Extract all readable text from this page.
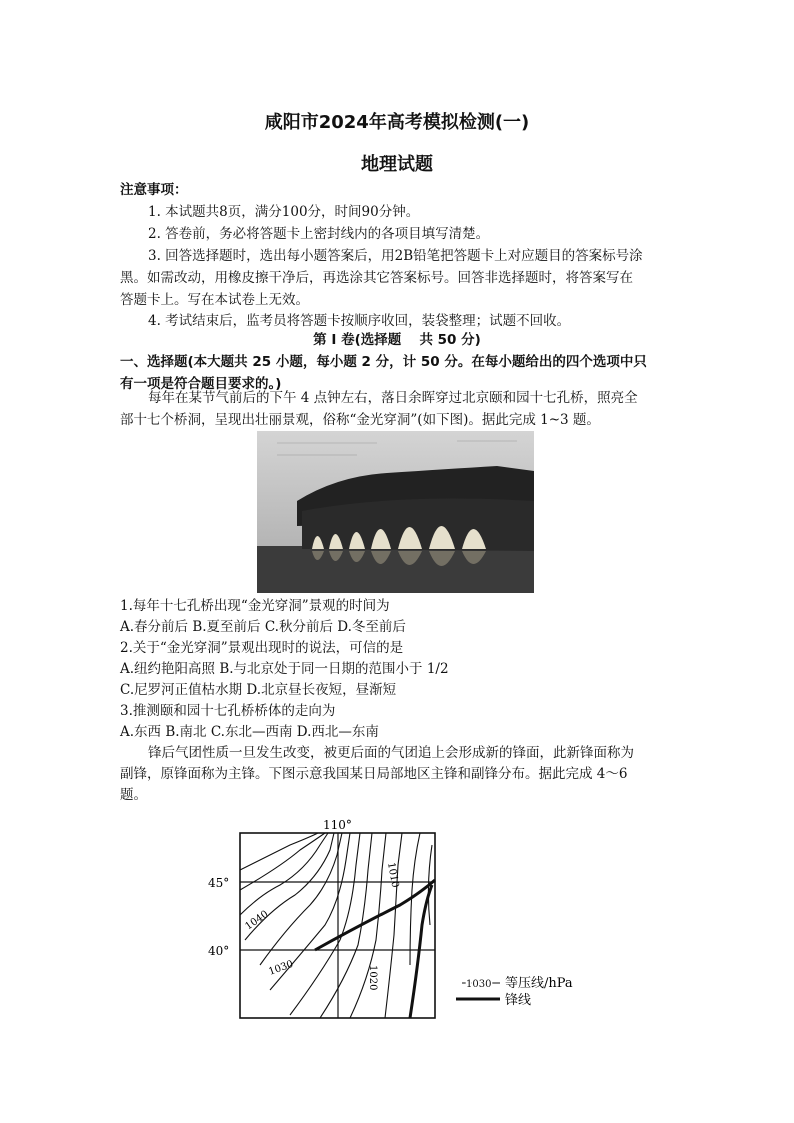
咸阳市2024年高考模拟检测(一)
地理试题
注意事项：
1. 本试题共8页，满分100分，时间90分钟。
2. 答卷前，务必将答题卡上密封线内的各项目填写清楚。
3. 回答选择题时，选出每小题答案后，用2B铅笔把答题卡上对应题目的答案标号涂
黑。如需改动，用橡皮擦干净后，再选涂其它答案标号。回答非选择题时，将答案写在
答题卡上。写在本试卷上无效。
4. 考试结束后，监考员将答题卡按顺序收回，装袋整理；试题不回收。
第 I 卷(选择题　 共 50 分)
一、选择题(本大题共 25 小题，每小题 2 分，计 50 分。在每小题给出的四个选项中只
有一项是符合题目要求的。)
每年在某节气前后的下午 4 点钟左右，落日余晖穿过北京颐和园十七孔桥，照亮全
部十七个桥洞，呈现出壮丽景观，俗称“金光穿洞”(如下图)。据此完成 1~3 题。
1.每年十七孔桥出现“金光穿洞”景观的时间为
A.春分前后 B.夏至前后 C.秋分前后 D.冬至前后
2.关于“金光穿洞”景观出现时的说法，可信的是
A.纽约艳阳高照 B.与北京处于同一日期的范围小于 1/2
C.尼罗河正值枯水期 D.北京昼长夜短，昼渐短
3.推测颐和园十七孔桥桥体的走向为
A.东西 B.南北 C.东北—西南 D.西北—东南
锋后气团性质一旦发生改变，被更后面的气团追上会形成新的锋面，此新锋面称为
副锋，原锋面称为主锋。下图示意我国某日局部地区主锋和副锋分布。据此完成 4～6
题。
110°
45°
40°
1010
1040
1030	1020	1030 等压线/hPa
锋线
